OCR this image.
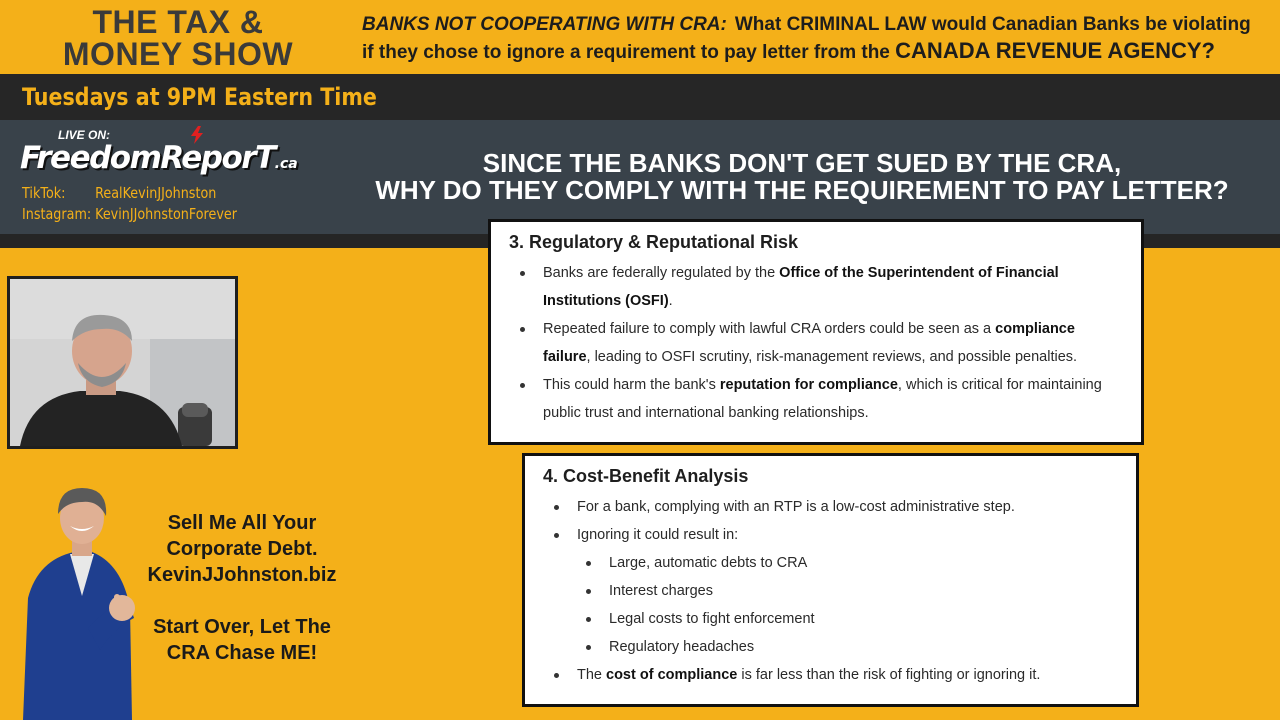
THE TAX &
MONEY SHOW
BANKS NOT COOPERATING WITH CRA: What CRIMINAL LAW would Canadian Banks be violating
if they chose to ignore a requirement to pay letter from the CANADA REVENUE AGENCY?
Tuesdays at 9PM Eastern Time
LIVE ON:
FreedomReporT.ca
TikTok: RealKevinJJohnston
Instagram: KevinJJohnstonForever
SINCE THE BANKS DON'T GET SUED BY THE CRA,
WHY DO THEY COMPLY WITH THE REQUIREMENT TO PAY LETTER?
Sell Me All Your
Corporate Debt.
KevinJJohnston.biz
Start Over, Let The
CRA Chase ME!
3. Regulatory & Reputational Risk
Banks are federally regulated by the Office of the Superintendent of Financial Institutions (OSFI).
Repeated failure to comply with lawful CRA orders could be seen as a compliance failure, leading to OSFI scrutiny, risk-management reviews, and possible penalties.
This could harm the bank's reputation for compliance, which is critical for maintaining public trust and international banking relationships.
4. Cost-Benefit Analysis
For a bank, complying with an RTP is a low-cost administrative step.
Ignoring it could result in:
Large, automatic debts to CRA
Interest charges
Legal costs to fight enforcement
Regulatory headaches
The cost of compliance is far less than the risk of fighting or ignoring it.
